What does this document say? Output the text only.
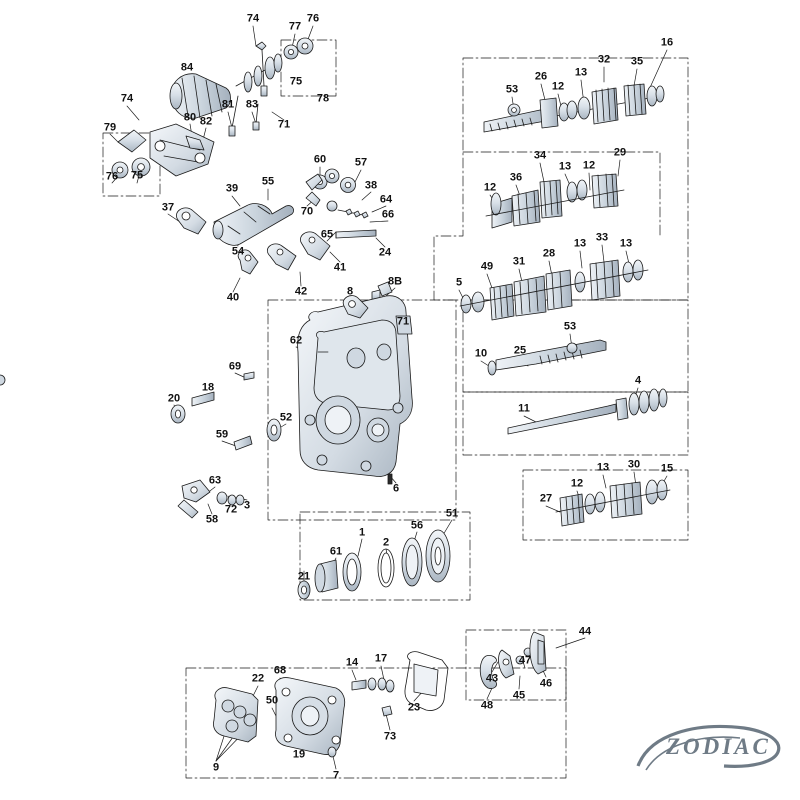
74
77
76
16
84	35
32
75	26	13
53	12
78
74	81 83
80 82	71
79
34	29
60	57	13 12
36
38
55
39	12
76 75
64
70	66
37
65
24
54
33
13	13
28
31
41	49
42
8B
40
5
8
53
71
25
62
10
69
4
18
20
11
52
59
13 30 15
63	12
3
27
72
58
6
51
56
1
2
61
21
44
68
14 17	47
43	46
45
22
50
23	48
73
19
9
7
ZODIAC
